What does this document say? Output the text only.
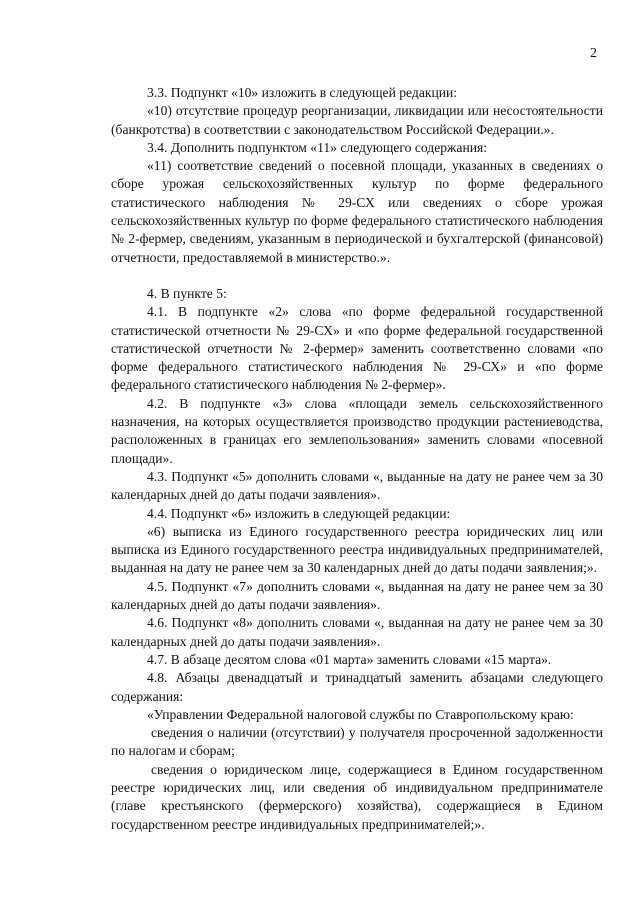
2

3.3. Подпункт «10» изложить в следующей редакции:

«10) отсутствие процедур реорганизации, ликвидации или несостоятельности (банкротства) в соответствии с законодательством Российской Федерации.».

3.4. Дополнить подпунктом «11» следующего содержания:

«11) соответствие сведений о посевной площади, указанных в сведениях о сборе урожая сельскохозяйственных культур по форме федерального статистического наблюдения № 29-СХ или сведениях о сборе урожая сельскохозяйственных культур по форме федерального статистического наблюдения № 2-фермер, сведениям, указанным в периодической и бухгалтерской (финансовой) отчетности, предоставляемой в министерство.».

4. В пункте 5:

4.1. В подпункте «2» слова «по форме федеральной государственной статистической отчетности № 29-СХ» и «по форме федеральной государственной статистической отчетности № 2-фермер» заменить соответственно словами «по форме федерального статистического наблюдения № 29-СХ» и «по форме федерального статистического наблюдения № 2-фермер».

4.2. В подпункте «3» слова «площади земель сельскохозяйственного назначения, на которых осуществляется производство продукции растениеводства, расположенных в границах его землепользования» заменить словами «посевной площади».

4.3. Подпункт «5» дополнить словами «, выданные на дату не ранее чем за 30 календарных дней до даты подачи заявления».

4.4. Подпункт «6» изложить в следующей редакции:

«6) выписка из Единого государственного реестра юридических лиц или выписка из Единого государственного реестра индивидуальных предпринимателей, выданная на дату не ранее чем за 30 календарных дней до даты подачи заявления;».

4.5. Подпункт «7» дополнить словами «, выданная на дату не ранее чем за 30 календарных дней до даты подачи заявления».

4.6. Подпункт «8» дополнить словами «, выданная на дату не ранее чем за 30 календарных дней до даты подачи заявления».

4.7. В абзаце десятом слова «01 марта» заменить словами «15 марта».

4.8. Абзацы двенадцатый и тринадцатый заменить абзацами следующего содержания:

«Управлении Федеральной налоговой службы по Ставропольскому краю:

сведения о наличии (отсутствии) у получателя просроченной задолженности по налогам и сборам;

сведения о юридическом лице, содержащиеся в Едином государственном реестре юридических лиц, или сведения об индивидуальном предпринимателе (главе крестьянского (фермерского) хозяйства), содержащиеся в Едином государственном реестре индивидуальных предпринимателей;».
